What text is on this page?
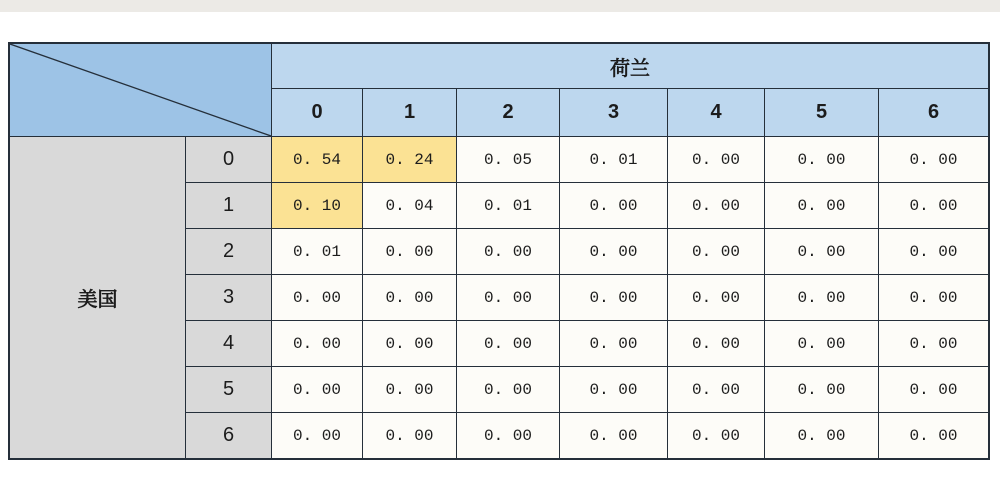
荷兰
美国
0	1	2	3	4	5	6
0	0. 54	0. 24	0. 05	0. 01	0. 00	0. 00	0. 00
1	0. 10	0. 04	0. 01	0. 00	0. 00	0. 00	0. 00
2	0. 01	0. 00	0. 00	0. 00	0. 00	0. 00	0. 00
3	0. 00	0. 00	0. 00	0. 00	0. 00	0. 00	0. 00
4	0. 00	0. 00	0. 00	0. 00	0. 00	0. 00	0. 00
5	0. 00	0. 00	0. 00	0. 00	0. 00	0. 00	0. 00
6	0. 00	0. 00	0. 00	0. 00	0. 00	0. 00	0. 00
